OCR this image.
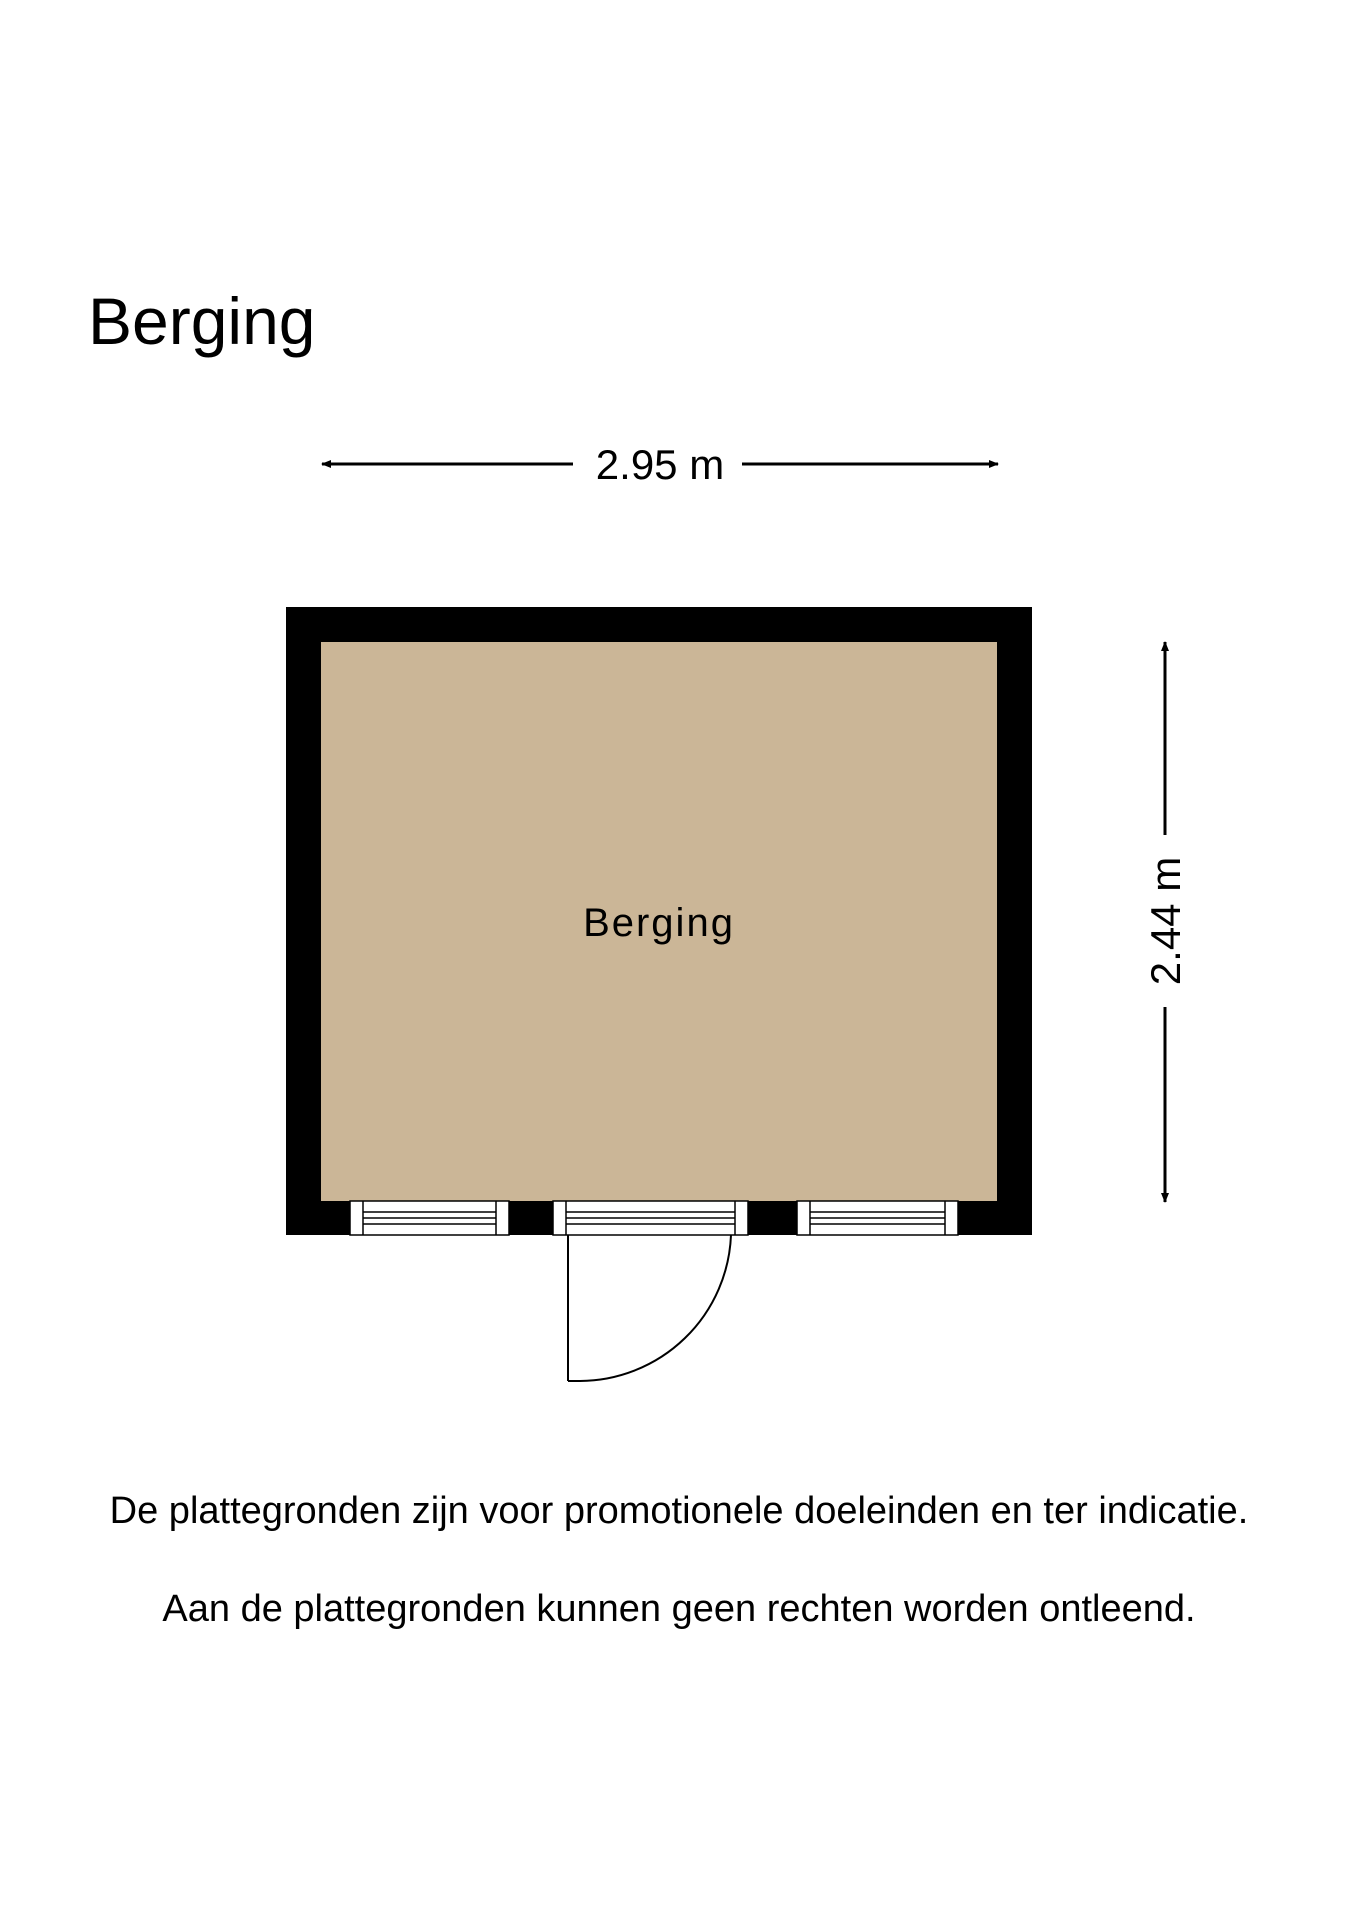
Berging
2.95 m
2.44 m
Berging
De plattegronden zijn voor promotionele doeleinden en ter indicatie.
Aan de plattegronden kunnen geen rechten worden ontleend.
